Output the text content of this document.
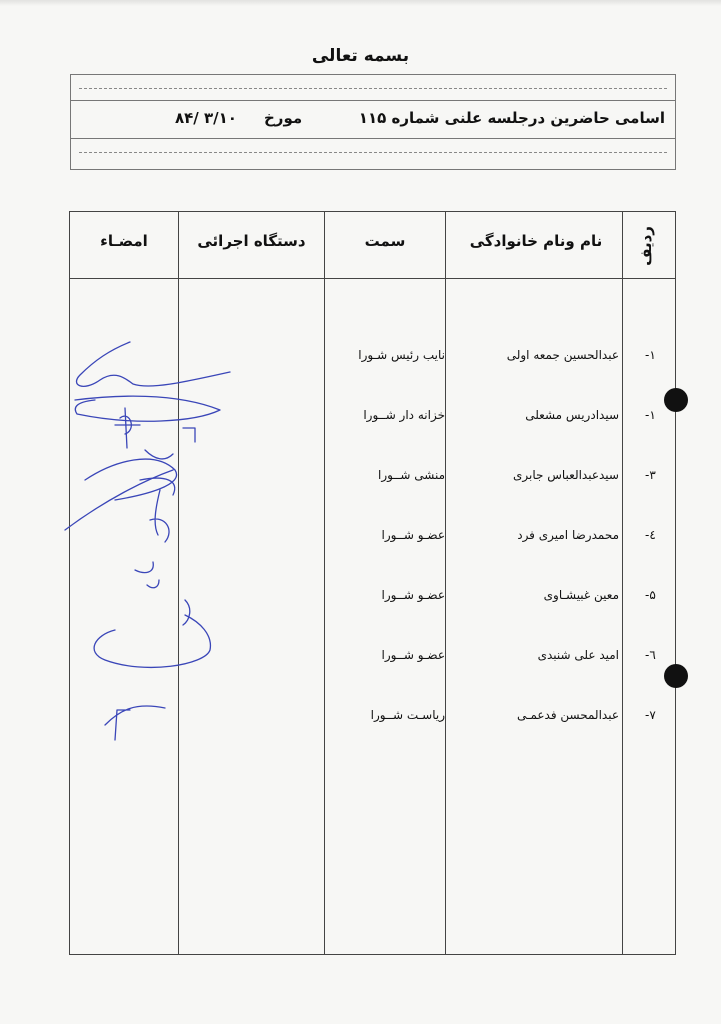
بسمه تعالی
اسامی حاضرین درجلسه علنی شماره ۱۱۵
مورخ
۸۴/ ۳/۱۰
ردیف
نام ونام خانوادگی
سمت
دستگاه اجرائی
امضـاء
-۱
عبدالحسین جمعه اولی
نایب رئیس شـورا
-۱
سیدادریس مشعلی
خزانه دار شــورا
-۳
سیدعبدالعباس جابری
منشی شــورا
-٤
محمدرضا امیری فرد
عضـو شــورا
-۵
معین غبیشـاوی
عضـو شــورا
-٦
امید علی شنبدی
عضـو شــورا
-۷
عبدالمحسن فدعمـی
ریاسـت شــورا
